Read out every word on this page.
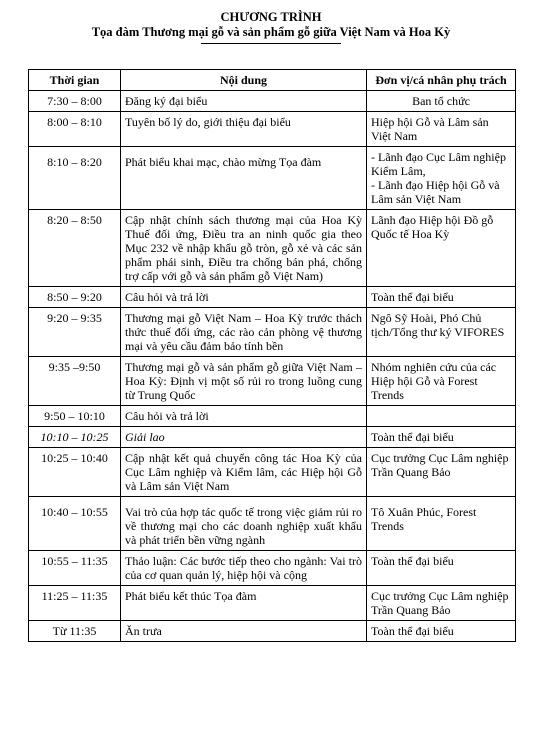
CHƯƠNG TRÌNH
Tọa đàm Thương mại gỗ và sản phẩm gỗ giữa Việt Nam và Hoa Kỳ
Thời gian	Nội dung	Đơn vị/cá nhân phụ trách
7:30 – 8:00	Đăng ký đại biểu	Ban tổ chức
8:00 – 8:10	Tuyên bố lý do, giới thiệu đại biểu	Hiệp hội Gỗ và Lâm sản Việt Nam
8:10 – 8:20	Phát biểu khai mạc, chào mừng Tọa đàm	- Lãnh đạo Cục Lâm nghiệp Kiểm Lâm,
- Lãnh đạo Hiệp hội Gỗ và Lâm sản Việt Nam

8:20 – 8:50	Cập nhật chính sách thương mại của Hoa Kỳ Thuế đối ứng, Điều tra an ninh quốc gia theo Mục 232 về nhập khẩu gỗ tròn, gỗ xẻ và các sản phẩm phái sinh, Điều tra chống bán phá, chống trợ cấp với gỗ và sản phẩm gỗ Việt Nam)	Lãnh đạo Hiệp hội Đồ gỗ Quốc tế Hoa Kỳ
8:50 – 9:20	Câu hỏi và trả lời	Toàn thể đại biểu
9:20 – 9:35	Thương mại gỗ Việt Nam – Hoa Kỳ trước thách thức thuế đối ứng, các rào cản phòng vệ thương mại và yêu cầu đảm bảo tính bền	Ngô Sỹ Hoài, Phó Chủ tịch/Tổng thư ký VIFORES
9:35 –9:50	Thương mại gỗ và sản phẩm gỗ giữa Việt Nam – Hoa Kỳ: Định vị một số rủi ro trong luồng cung từ Trung Quốc	Nhóm nghiên cứu của các Hiệp hội Gỗ và Forest Trends
9:50 – 10:10	Câu hỏi và trả lời	
10:10 – 10:25	Giải lao	Toàn thể đại biểu
10:25 – 10:40	Cập nhật kết quả chuyến công tác Hoa Kỳ của Cục Lâm nghiệp và Kiểm lâm, các Hiệp hội Gỗ và Lâm sản Việt Nam	Cục trưởng Cục Lâm nghiệp Trần Quang Bảo
10:40 – 10:55	Vai trò của hợp tác quốc tế trong việc giảm rủi ro về thương mại cho các doanh nghiệp xuất khẩu và phát triển bền vững ngành	Tô Xuân Phúc, Forest Trends
10:55 – 11:35	Thảo luận: Các bước tiếp theo cho ngành: Vai trò của cơ quan quản lý, hiệp hội và cộng	Toàn thể đại biểu
11:25 – 11:35	Phát biểu kết thúc Tọa đàm	Cục trưởng Cục Lâm nghiệp Trần Quang Bảo
Từ 11:35	Ăn trưa	Toàn thể đại biểu
